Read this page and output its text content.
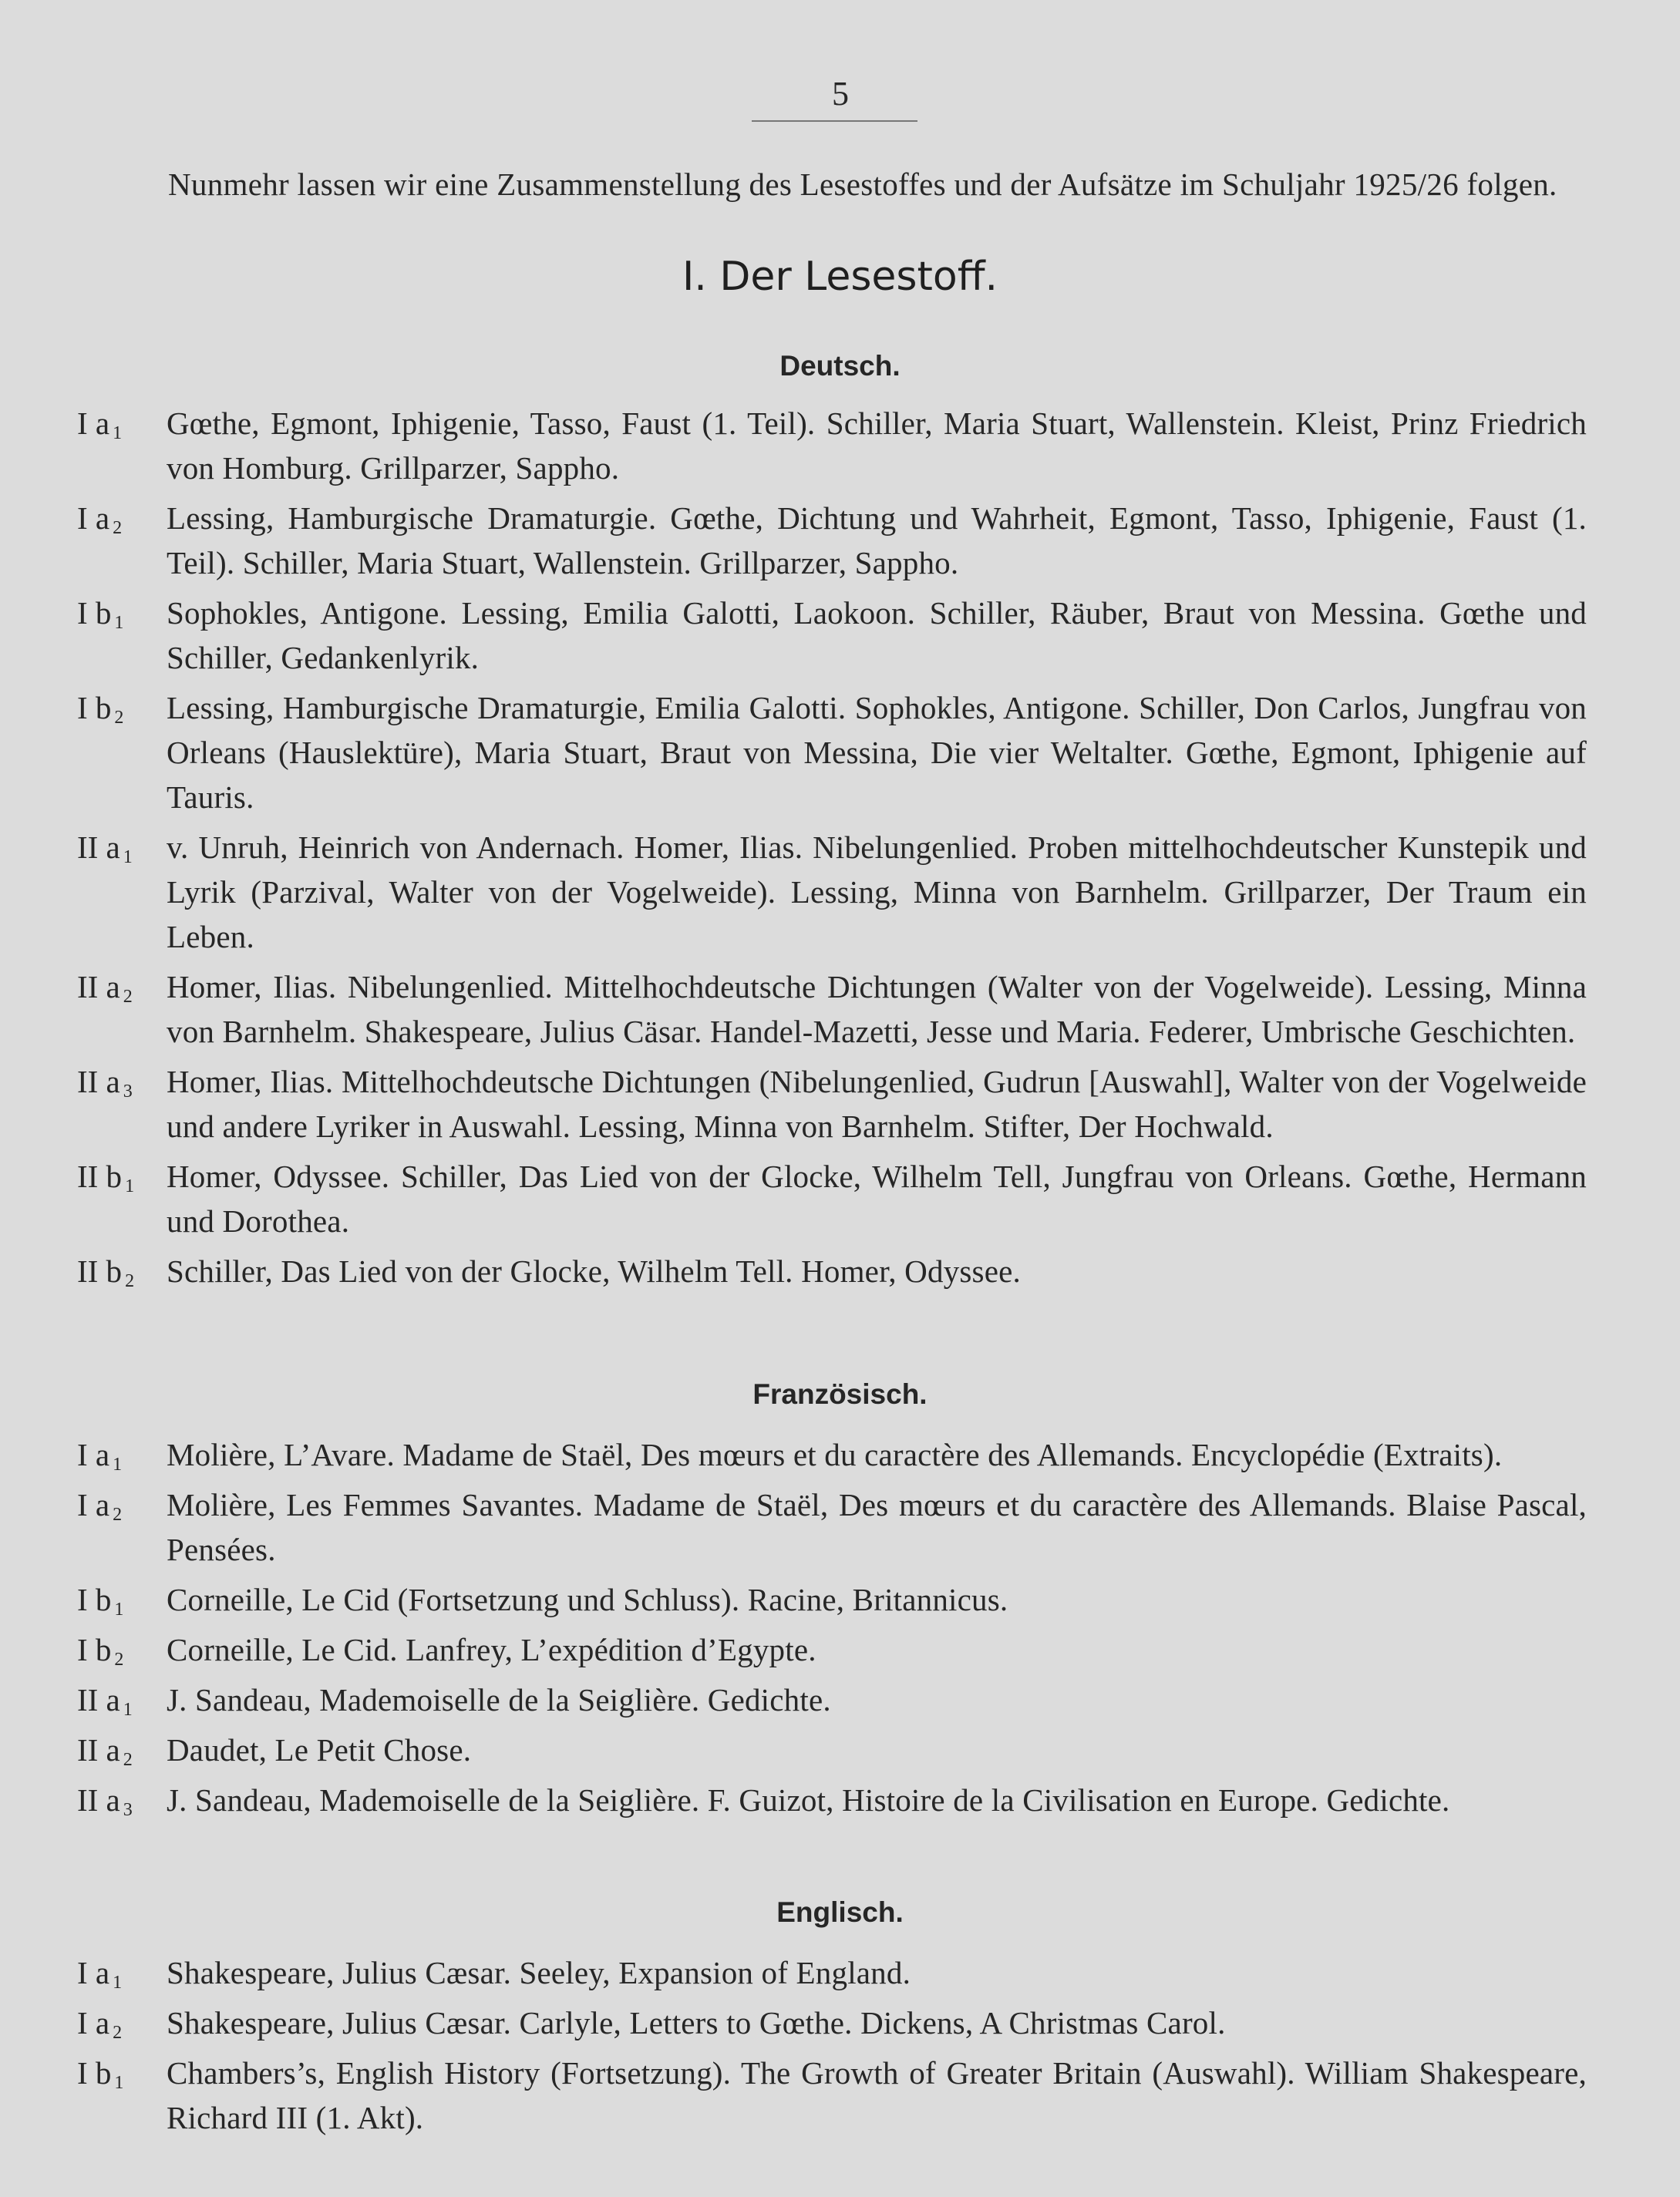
5

Nunmehr lassen wir eine Zusammenstellung des Lesestoffes und der Aufsätze im Schuljahr 1925/26 folgen.

I. Der Lesestoff.
Deutsch.
I a $_1$	Gœthe, Egmont, Iphigenie, Tasso, Faust (1. Teil). Schiller, Maria Stuart, Wallenstein. Kleist, Prinz Friedrich von Homburg. Grillparzer, Sappho.
I a $_2$	Lessing, Hamburgische Dramaturgie. Gœthe, Dichtung und Wahrheit, Egmont, Tasso, Iphigenie, Faust (1. Teil). Schiller, Maria Stuart, Wallenstein. Grillparzer, Sappho.
I b $_1$	Sophokles, Antigone. Lessing, Emilia Galotti, Laokoon. Schiller, Räuber, Braut von Messina. Gœthe und Schiller, Gedankenlyrik.
I b $_2$	Lessing, Hamburgische Dramaturgie, Emilia Galotti. Sophokles, Antigone. Schiller, Don Carlos, Jungfrau von Orleans (Hauslektüre), Maria Stuart, Braut von Messina, Die vier Weltalter. Gœthe, Egmont, Iphigenie auf Tauris.
II a $_1$	v. Unruh, Heinrich von Andernach. Homer, Ilias. Nibelungenlied. Proben mittelhochdeutscher Kunstepik und Lyrik (Parzival, Walter von der Vogelweide). Lessing, Minna von Barnhelm. Grillparzer, Der Traum ein Leben.
II a $_2$	Homer, Ilias. Nibelungenlied. Mittelhochdeutsche Dichtungen (Walter von der Vogelweide). Lessing, Minna von Barnhelm. Shakespeare, Julius Cäsar. Handel-Mazetti, Jesse und Maria. Federer, Umbrische Geschichten.
II a $_3$	Homer, Ilias. Mittelhochdeutsche Dichtungen (Nibelungenlied, Gudrun [Auswahl], Walter von der Vogelweide und andere Lyriker in Auswahl. Lessing, Minna von Barnhelm. Stifter, Der Hochwald.
II b $_1$	Homer, Odyssee. Schiller, Das Lied von der Glocke, Wilhelm Tell, Jungfrau von Orleans. Gœthe, Hermann und Dorothea.
II b $_2$	Schiller, Das Lied von der Glocke, Wilhelm Tell. Homer, Odyssee.
Französisch.
I a $_1$	Molière, L’Avare. Madame de Staël, Des mœurs et du caractère des Allemands. Encyclopédie (Extraits).
I a $_2$	Molière, Les Femmes Savantes. Madame de Staël, Des mœurs et du caractère des Allemands. Blaise Pascal, Pensées.
I b $_1$	Corneille, Le Cid (Fortsetzung und Schluss). Racine, Britannicus.
I b $_2$	Corneille, Le Cid. Lanfrey, L’expédition d’Egypte.
II a $_1$	J. Sandeau, Mademoiselle de la Seiglière. Gedichte.
II a $_2$	Daudet, Le Petit Chose.
II a $_3$	J. Sandeau, Mademoiselle de la Seiglière. F. Guizot, Histoire de la Civilisation en Europe. Gedichte.
Englisch.
I a $_1$	Shakespeare, Julius Cæsar. Seeley, Expansion of England.
I a $_2$	Shakespeare, Julius Cæsar. Carlyle, Letters to Gœthe. Dickens, A Christmas Carol.
I b $_1$	Chambers’s, English History (Fortsetzung). The Growth of Greater Britain (Auswahl). William Shakespeare, Richard III (1. Akt).
